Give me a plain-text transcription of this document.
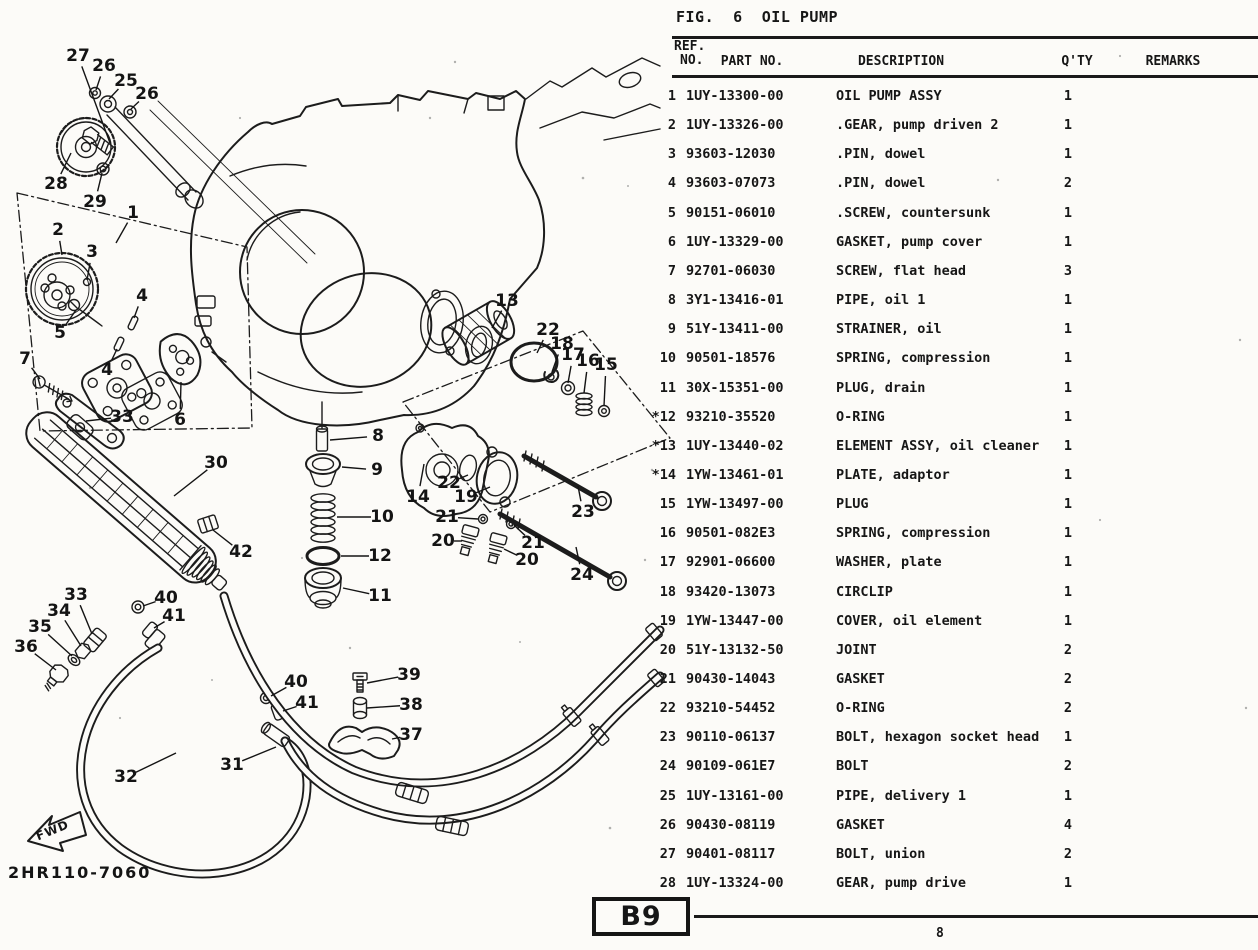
FWD
2HR110-7060
27 26
25
26
28
29
1
2
3
5
4
4
7
33 6
30
8
9
10
12
11
42
13
22
18
17
16
15
14
22
19
21
20	21
20
23
24
33
34
35
36
40
41
40
41
39
38
37
31
32
FIG.  6  OIL PUMP
REF.
NO.	PART NO.	DESCRIPTION	Q'TY	REMARKS
1 1UY-13300-00	OIL PUMP ASSY	1
2 1UY-13326-00	.GEAR, pump driven 2	1
3 93603-12030	.PIN, dowel	1
4 93603-07073	.PIN, dowel	2
5 90151-06010	.SCREW, countersunk	1
6 1UY-13329-00	GASKET, pump cover	1
7 92701-06030	SCREW, flat head	3
8 3Y1-13416-01	PIPE, oil 1	1
9 51Y-13411-00	STRAINER, oil	1
10 90501-18576	SPRING, compression	1
11 30X-15351-00	PLUG, drain	1
*12 93210-35520	O-RING	1
*13 1UY-13440-02	ELEMENT ASSY, oil cleaner	1
*14 1YW-13461-01	PLATE, adaptor	1
15 1YW-13497-00	PLUG	1
16 90501-082E3	SPRING, compression	1
17 92901-06600	WASHER, plate	1
18 93420-13073	CIRCLIP	1
19 1YW-13447-00	COVER, oil element	1
20 51Y-13132-50	JOINT	2
21 90430-14043	GASKET	2
22 93210-54452	O-RING	2
23 90110-06137	BOLT, hexagon socket head	1
24 90109-061E7	BOLT	2
25 1UY-13161-00	PIPE, delivery 1	1
26 90430-08119	GASKET	4
27 90401-08117	BOLT, union	2
28 1UY-13324-00	GEAR, pump drive	1
B9
8
